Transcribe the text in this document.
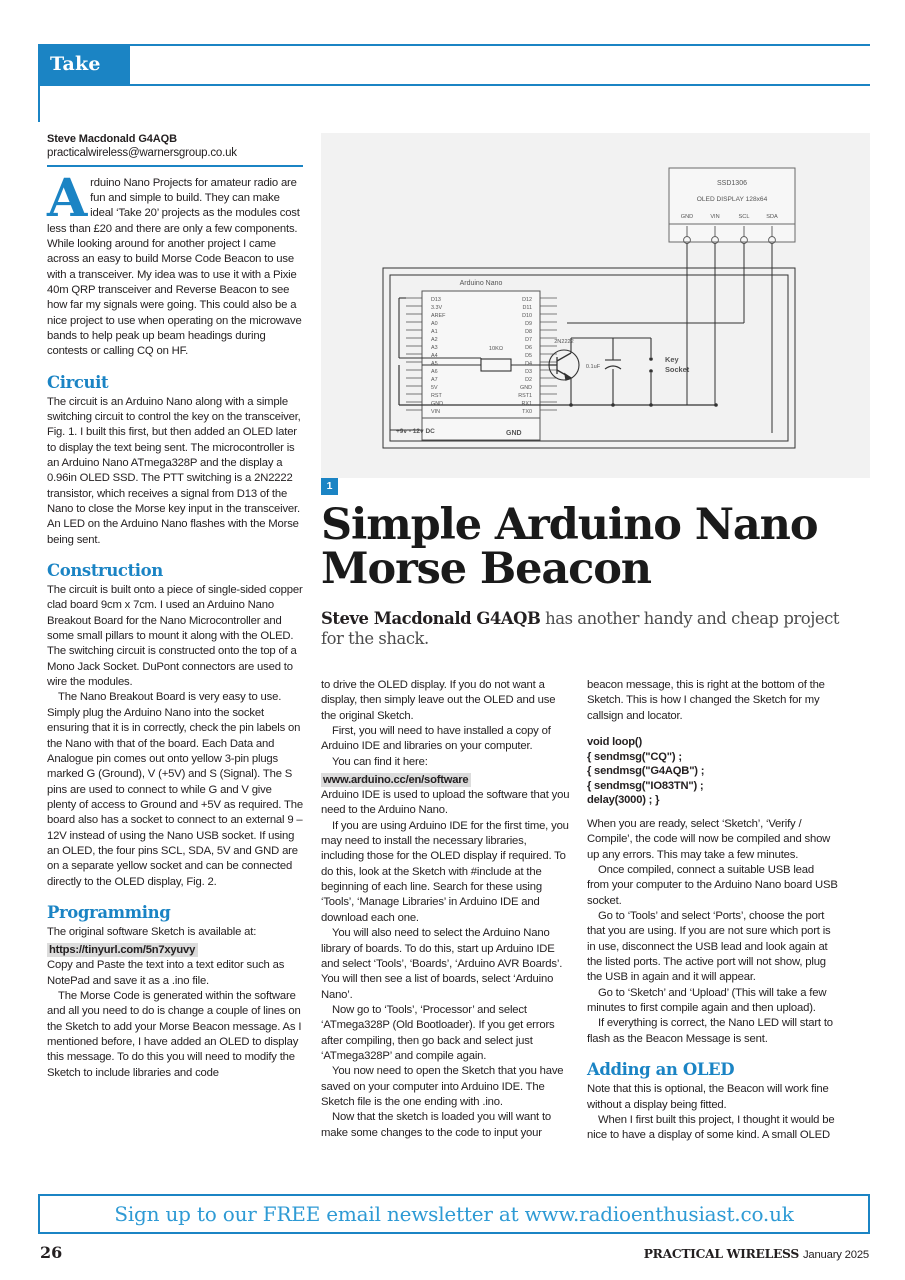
Take 20
Steve Macdonald G4AQB
practicalwireless@warnersgroup.co.uk

Arduino Nano Projects for amateur radio are fun and simple to build. They can make ideal ‘Take 20’ projects as the modules cost less than £20 and there are only a few components. While looking around for another project I came across an easy to build Morse Code Beacon to use with a transceiver. My idea was to use it with a Pixie 40m QRP transceiver and Reverse Beacon to see how far my signals were going. This could also be a nice project to use when operating on the microwave bands to help peak up beam headings during contests or calling CQ on HF.

Circuit

The circuit is an Arduino Nano along with a simple switching circuit to control the key on the transceiver, Fig. 1. I built this first, but then added an OLED later to display the text being sent. The microcontroller is an Arduino Nano ATmega328P and the display a 0.96in OLED SSD. The PTT switching is a 2N2222 transistor, which receives a signal from D13 of the Nano to close the Morse key input in the transceiver. An LED on the Arduino Nano flashes with the Morse being sent.

Construction

The circuit is built onto a piece of single-sided copper clad board 9cm x 7cm. I used an Arduino Nano Breakout Board for the Nano Microcontroller and some small pillars to mount it along with the OLED. The switching circuit is constructed onto the top of a Mono Jack Socket. DuPont connectors are used to wire the modules.

The Nano Breakout Board is very easy to use. Simply plug the Arduino Nano into the socket ensuring that it is in correctly, check the pin labels on the Nano with that of the board. Each Data and Analogue pin comes out onto yellow 3-pin plugs marked G (Ground), V (+5V) and S (Signal). The S pins are used to connect to while G and V give plenty of access to Ground and +5V as required. The board also has a socket to connect to an external 9 – 12V instead of using the Nano USB socket. If using an OLED, the four pins SCL, SDA, 5V and GND are on a separate yellow socket and can be connected directly to the OLED display, Fig. 2.

Programming

The original software Sketch is available at:

https://tinyurl.com/5n7xyuvy

Copy and Paste the text into a text editor such as NotePad and save it as a .ino file.

The Morse Code is generated within the software and all you need to do is change a couple of lines on the Sketch to add your Morse Beacon message. As I mentioned before, I have added an OLED to display this message. To do this you will need to modify the Sketch to include libraries and code

SSD1306
OLED DISPLAY 128x64
GND	VIN	SCL	SDA
Arduino Nano
D13
3.3V
AREF
A0
A1
A2
A3
A4
A5
A6
A7
5V
RST
GND
VIN
D12
D11
D10
D9
D8
D7
D6
D5
D4
D3
D2
GND
RST1
RX1
TX0
10KΩ
2N2222
0.1uF
Key
Socket
+9v - 12v DC	GND
1
Simple Arduino Nano
Morse Beacon
Steve Macdonald G4AQB has another handy and cheap project for the shack.

to drive the OLED display. If you do not want a display, then simply leave out the OLED and use the original Sketch.

First, you will need to have installed a copy of Arduino IDE and libraries on your computer.

You can find it here:

www.arduino.cc/en/software

Arduino IDE is used to upload the software that you need to the Arduino Nano.

If you are using Arduino IDE for the first time, you may need to install the necessary libraries, including those for the OLED display if required. To do this, look at the Sketch with #include at the beginning of each line. Search for these using ‘Tools’, ‘Manage Libraries’ in Arduino IDE and download each one.

You will also need to select the Arduino Nano library of boards. To do this, start up Arduino IDE and select ‘Tools’, ‘Boards’, ‘Arduino AVR Boards’. You will then see a list of boards, select ‘Arduino Nano’.

Now go to ‘Tools’, ‘Processor’ and select ‘ATmega328P (Old Bootloader). If you get errors after compiling, then go back and select just ‘ATmega328P’ and compile again.

You now need to open the Sketch that you have saved on your computer into Arduino IDE. The Sketch file is the one ending with .ino.

Now that the sketch is loaded you will want to make some changes to the code to input your

beacon message, this is right at the bottom of the Sketch. This is how I changed the Sketch for my callsign and locator.

void loop()
{ sendmsg("CQ") ;
{ sendmsg("G4AQB") ;
{ sendmsg("IO83TN") ;
delay(3000) ; }

When you are ready, select ‘Sketch’, ‘Verify / Compile’, the code will now be compiled and show up any errors. This may take a few minutes.

Once compiled, connect a suitable USB lead from your computer to the Arduino Nano board USB socket.

Go to ‘Tools’ and select ‘Ports’, choose the port that you are using. If you are not sure which port is in use, disconnect the USB lead and look again at the listed ports. The active port will not show, plug the USB in again and it will appear.

Go to ‘Sketch’ and ‘Upload’ (This will take a few minutes to first compile again and then upload).

If everything is correct, the Nano LED will start to flash as the Beacon Message is sent.

Adding an OLED

Note that this is optional, the Beacon will work fine without a display being fitted.

When I first built this project, I thought it would be nice to have a display of some kind. A small OLED

Sign up to our FREE email newsletter at www.radioenthusiast.co.uk
26	PRACTICAL WIRELESS January 2025
